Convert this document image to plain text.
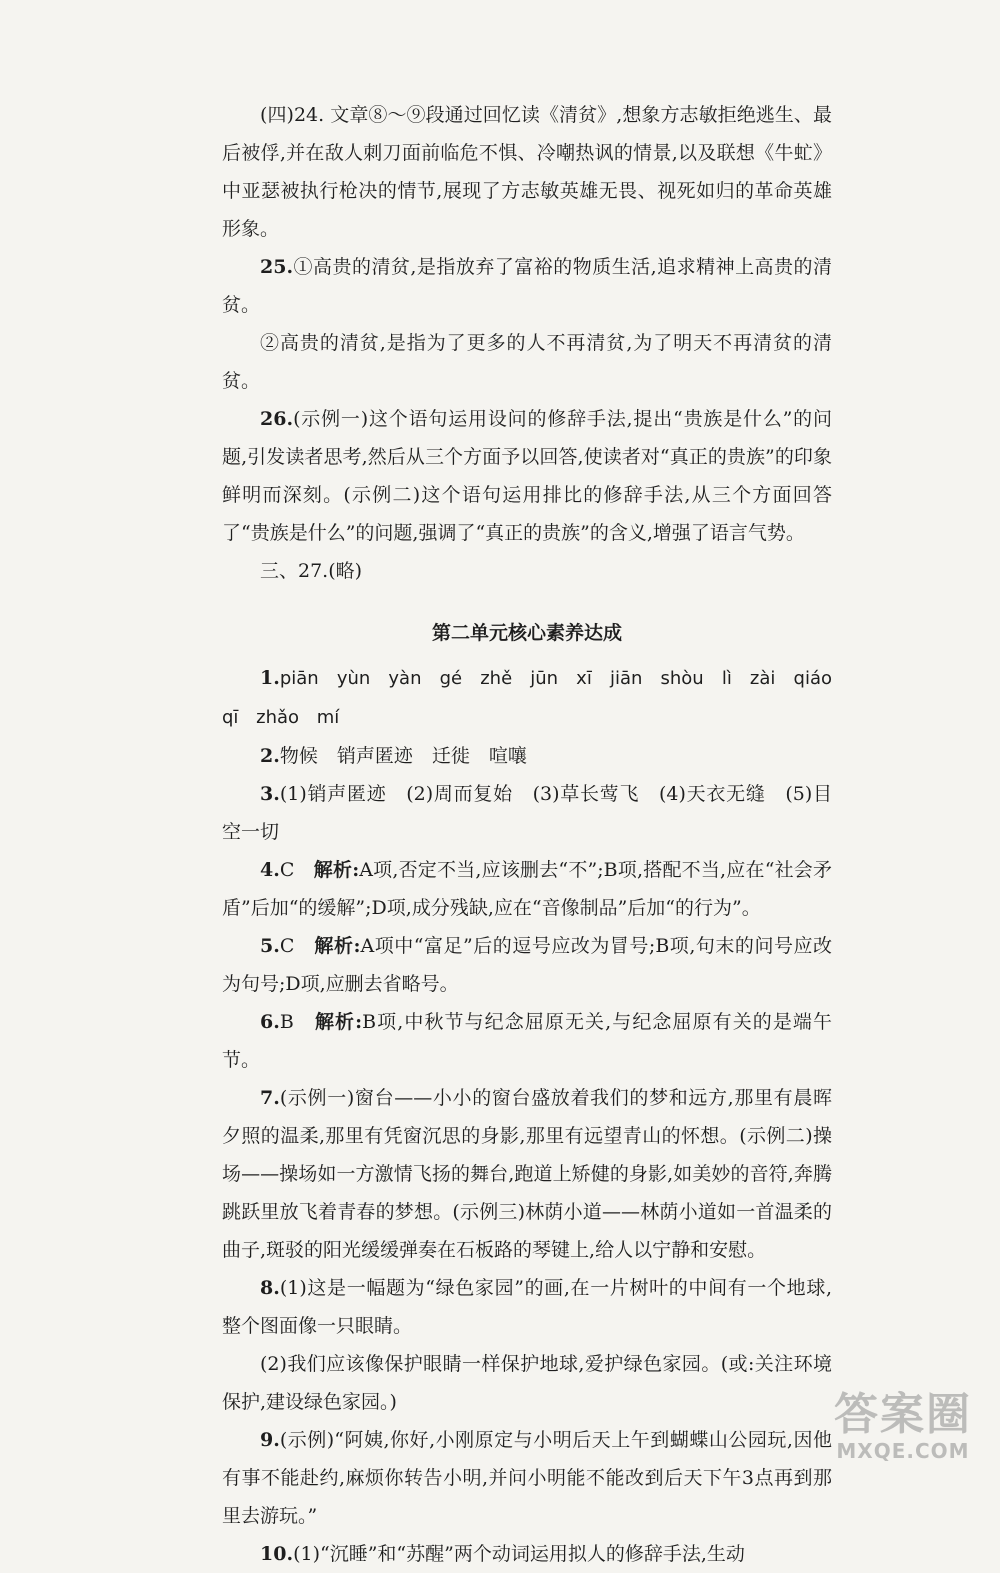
(四)24. 文章⑧～⑨段通过回忆读《清贫》,想象方志敏拒绝逃生、最后被俘,并在敌人刺刀面前临危不惧、冷嘲热讽的情景,以及联想《牛虻》中亚瑟被执行枪决的情节,展现了方志敏英雄无畏、视死如归的革命英雄形象。

25.①高贵的清贫,是指放弃了富裕的物质生活,追求精神上高贵的清贫。

②高贵的清贫,是指为了更多的人不再清贫,为了明天不再清贫的清贫。

26.(示例一)这个语句运用设问的修辞手法,提出“贵族是什么”的问题,引发读者思考,然后从三个方面予以回答,使读者对“真正的贵族”的印象鲜明而深刻。(示例二)这个语句运用排比的修辞手法,从三个方面回答了“贵族是什么”的问题,强调了“真正的贵族”的含义,增强了语言气势。

三、27.(略)

第二单元核心素养达成

1.piān yùn yàn gé zhě jūn xī jiān shòu lì zài qiáo qī zhǎo mí

2.物候　销声匿迹　迁徙　喧嚷

3.(1)销声匿迹　(2)周而复始　(3)草长莺飞　(4)天衣无缝　(5)目空一切

4.C　解析:A项,否定不当,应该删去“不”;B项,搭配不当,应在“社会矛盾”后加“的缓解”;D项,成分残缺,应在“音像制品”后加“的行为”。

5.C　解析:A项中“富足”后的逗号应改为冒号;B项,句末的问号应改为句号;D项,应删去省略号。

6.B　解析:B项,中秋节与纪念屈原无关,与纪念屈原有关的是端午节。

7.(示例一)窗台——小小的窗台盛放着我们的梦和远方,那里有晨晖夕照的温柔,那里有凭窗沉思的身影,那里有远望青山的怀想。(示例二)操场——操场如一方激情飞扬的舞台,跑道上矫健的身影,如美妙的音符,奔腾跳跃里放飞着青春的梦想。(示例三)林荫小道——林荫小道如一首温柔的曲子,斑驳的阳光缓缓弹奏在石板路的琴键上,给人以宁静和安慰。

8.(1)这是一幅题为“绿色家园”的画,在一片树叶的中间有一个地球,整个图面像一只眼睛。

(2)我们应该像保护眼睛一样保护地球,爱护绿色家园。(或:关注环境保护,建设绿色家园。)

9.(示例)“阿姨,你好,小刚原定与小明后天上午到蝴蝶山公园玩,因他有事不能赴约,麻烦你转告小明,并问小明能不能改到后天下午3点再到那里去游玩。”

10.(1)“沉睡”和“苏醒”两个动词运用拟人的修辞手法,生动

答案圈
MXQE.COM
